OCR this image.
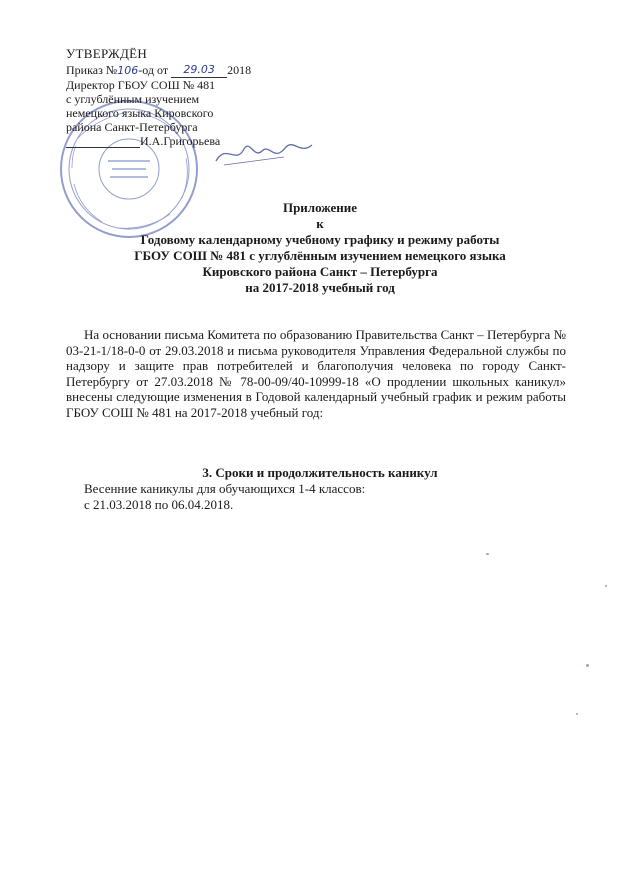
УТВЕРЖДЁН
Приказ №106-од от 29.03 2018
Директор ГБОУ СОШ № 481
с углублённым изучением
немецкого языка Кировского
района Санкт-Петербурга
И.А.Григорьева
Приложение
к
Годовому календарному учебному графику и режиму работы
ГБОУ СОШ № 481 с углублённым изучением немецкого языка
Кировского района Санкт – Петербурга
на 2017-2018 учебный год
На основании письма Комитета по образованию Правительства Санкт – Петербурга № 03-21-1/18-0-0 от 29.03.2018 и письма руководителя Управления Федеральной службы по надзору и защите прав потребителей и благополучия человека по городу Санкт-Петербургу от 27.03.2018 № 78-00-09/40-10999-18 «О продлении школьных каникул» внесены следующие изменения в Годовой календарный учебный график и режим работы ГБОУ СОШ № 481 на 2017-2018 учебный год:
3. Сроки и продолжительность каникул
Весенние каникулы для обучающихся 1-4 классов:
с 21.03.2018 по 06.04.2018.
